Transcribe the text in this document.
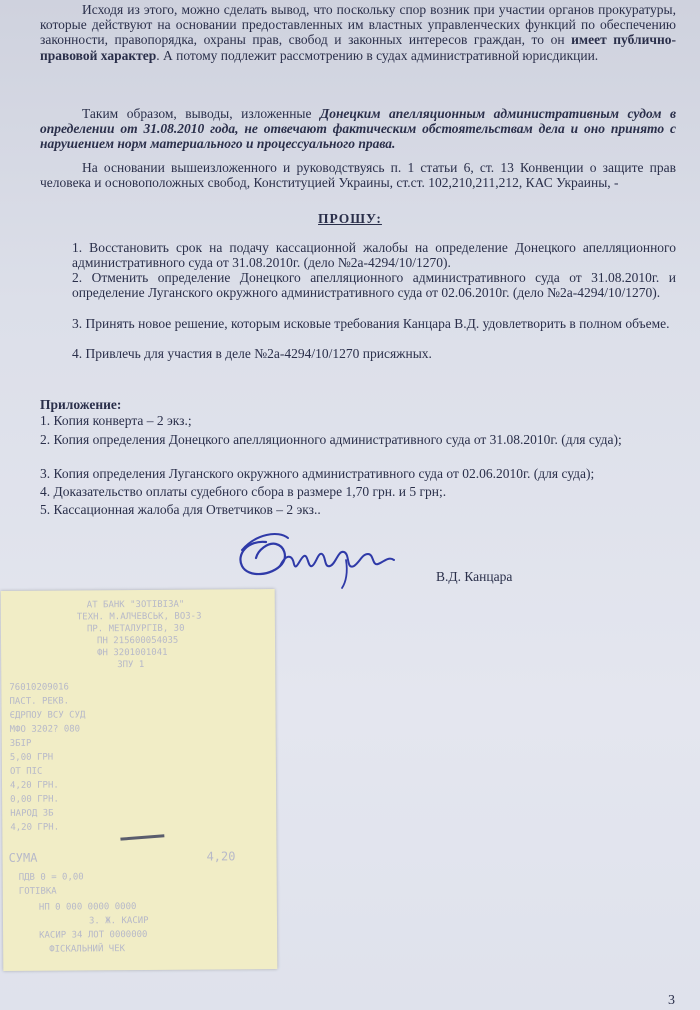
Исходя из этого, можно сделать вывод, что поскольку спор возник при участии органов прокуратуры, которые действуют на основании предоставленных им властных управленческих функций по обеспечению законности, правопорядка, охраны прав, свобод и законных интересов граждан, то он имеет публично-правовой характер. А потому подлежит рассмотрению в судах административной юрисдикции.
Таким образом, выводы, изложенные Донецким апелляционным административным судом в определении от 31.08.2010 года, не отвечают фактическим обстоятельствам дела и оно принято с нарушением норм материального и процессуального права.
На основании вышеизложенного и руководствуясь п. 1 статьи 6, ст. 13 Конвенции о защите прав человека и основоположных свобод, Конституцией Украины, ст.ст. 102,210,211,212, КАС Украины, -
ПРОШУ:
1. Восстановить срок на подачу кассационной жалобы на определение Донецкого апелляционного административного суда от 31.08.2010г. (дело №2а-4294/10/1270).
2. Отменить определение Донецкого апелляционного административного суда от 31.08.2010г. и определение Луганского окружного административного суда от 02.06.2010г. (дело №2а-4294/10/1270).
3. Принять новое решение, которым исковые требования Канцара В.Д. удовлетворить в полном объеме.
4. Привлечь для участия в деле №2а-4294/10/1270 присяжных.
Приложение:
1. Копия конверта – 2 экз.;
2. Копия определения Донецкого апелляционного административного суда от 31.08.2010г. (для суда);
3. Копия определения Луганского окружного административного суда от 02.06.2010г. (для суда);
4. Доказательство оплаты судебного сбора в размере 1,70 грн. и 5 грн;.
5. Кассационная жалоба для Ответчиков – 2 экз..
В.Д. Канцара
АТ БАНК "ЗОТІВІЗА"
ТЕХН. М.АЛЧЕВСЬК, ВОЗ-3
ПР. МЕТАЛУРГІВ, 30
ПН 215600054035
ФН 3201001041
ЗПУ 1
76010209016
ПАСТ. РЕКВ.
ЄДРПОУ ВСУ СУД
МФО 3202? 080
ЗБІР
5,00 ГРН
ОТ ПІС
4,20 ГРН.
0,00 ГРН.
НАРОД ЗБ
4,20 ГРН.
СУМА	4,20
ПДВ 0 = 0,00
ГОТІВКА
НП 0 000 0000 0000
З. Ж. КАСИР
КАСИР 34 ЛОТ 0000000
ФІСКАЛЬНИЙ ЧЕК
3
